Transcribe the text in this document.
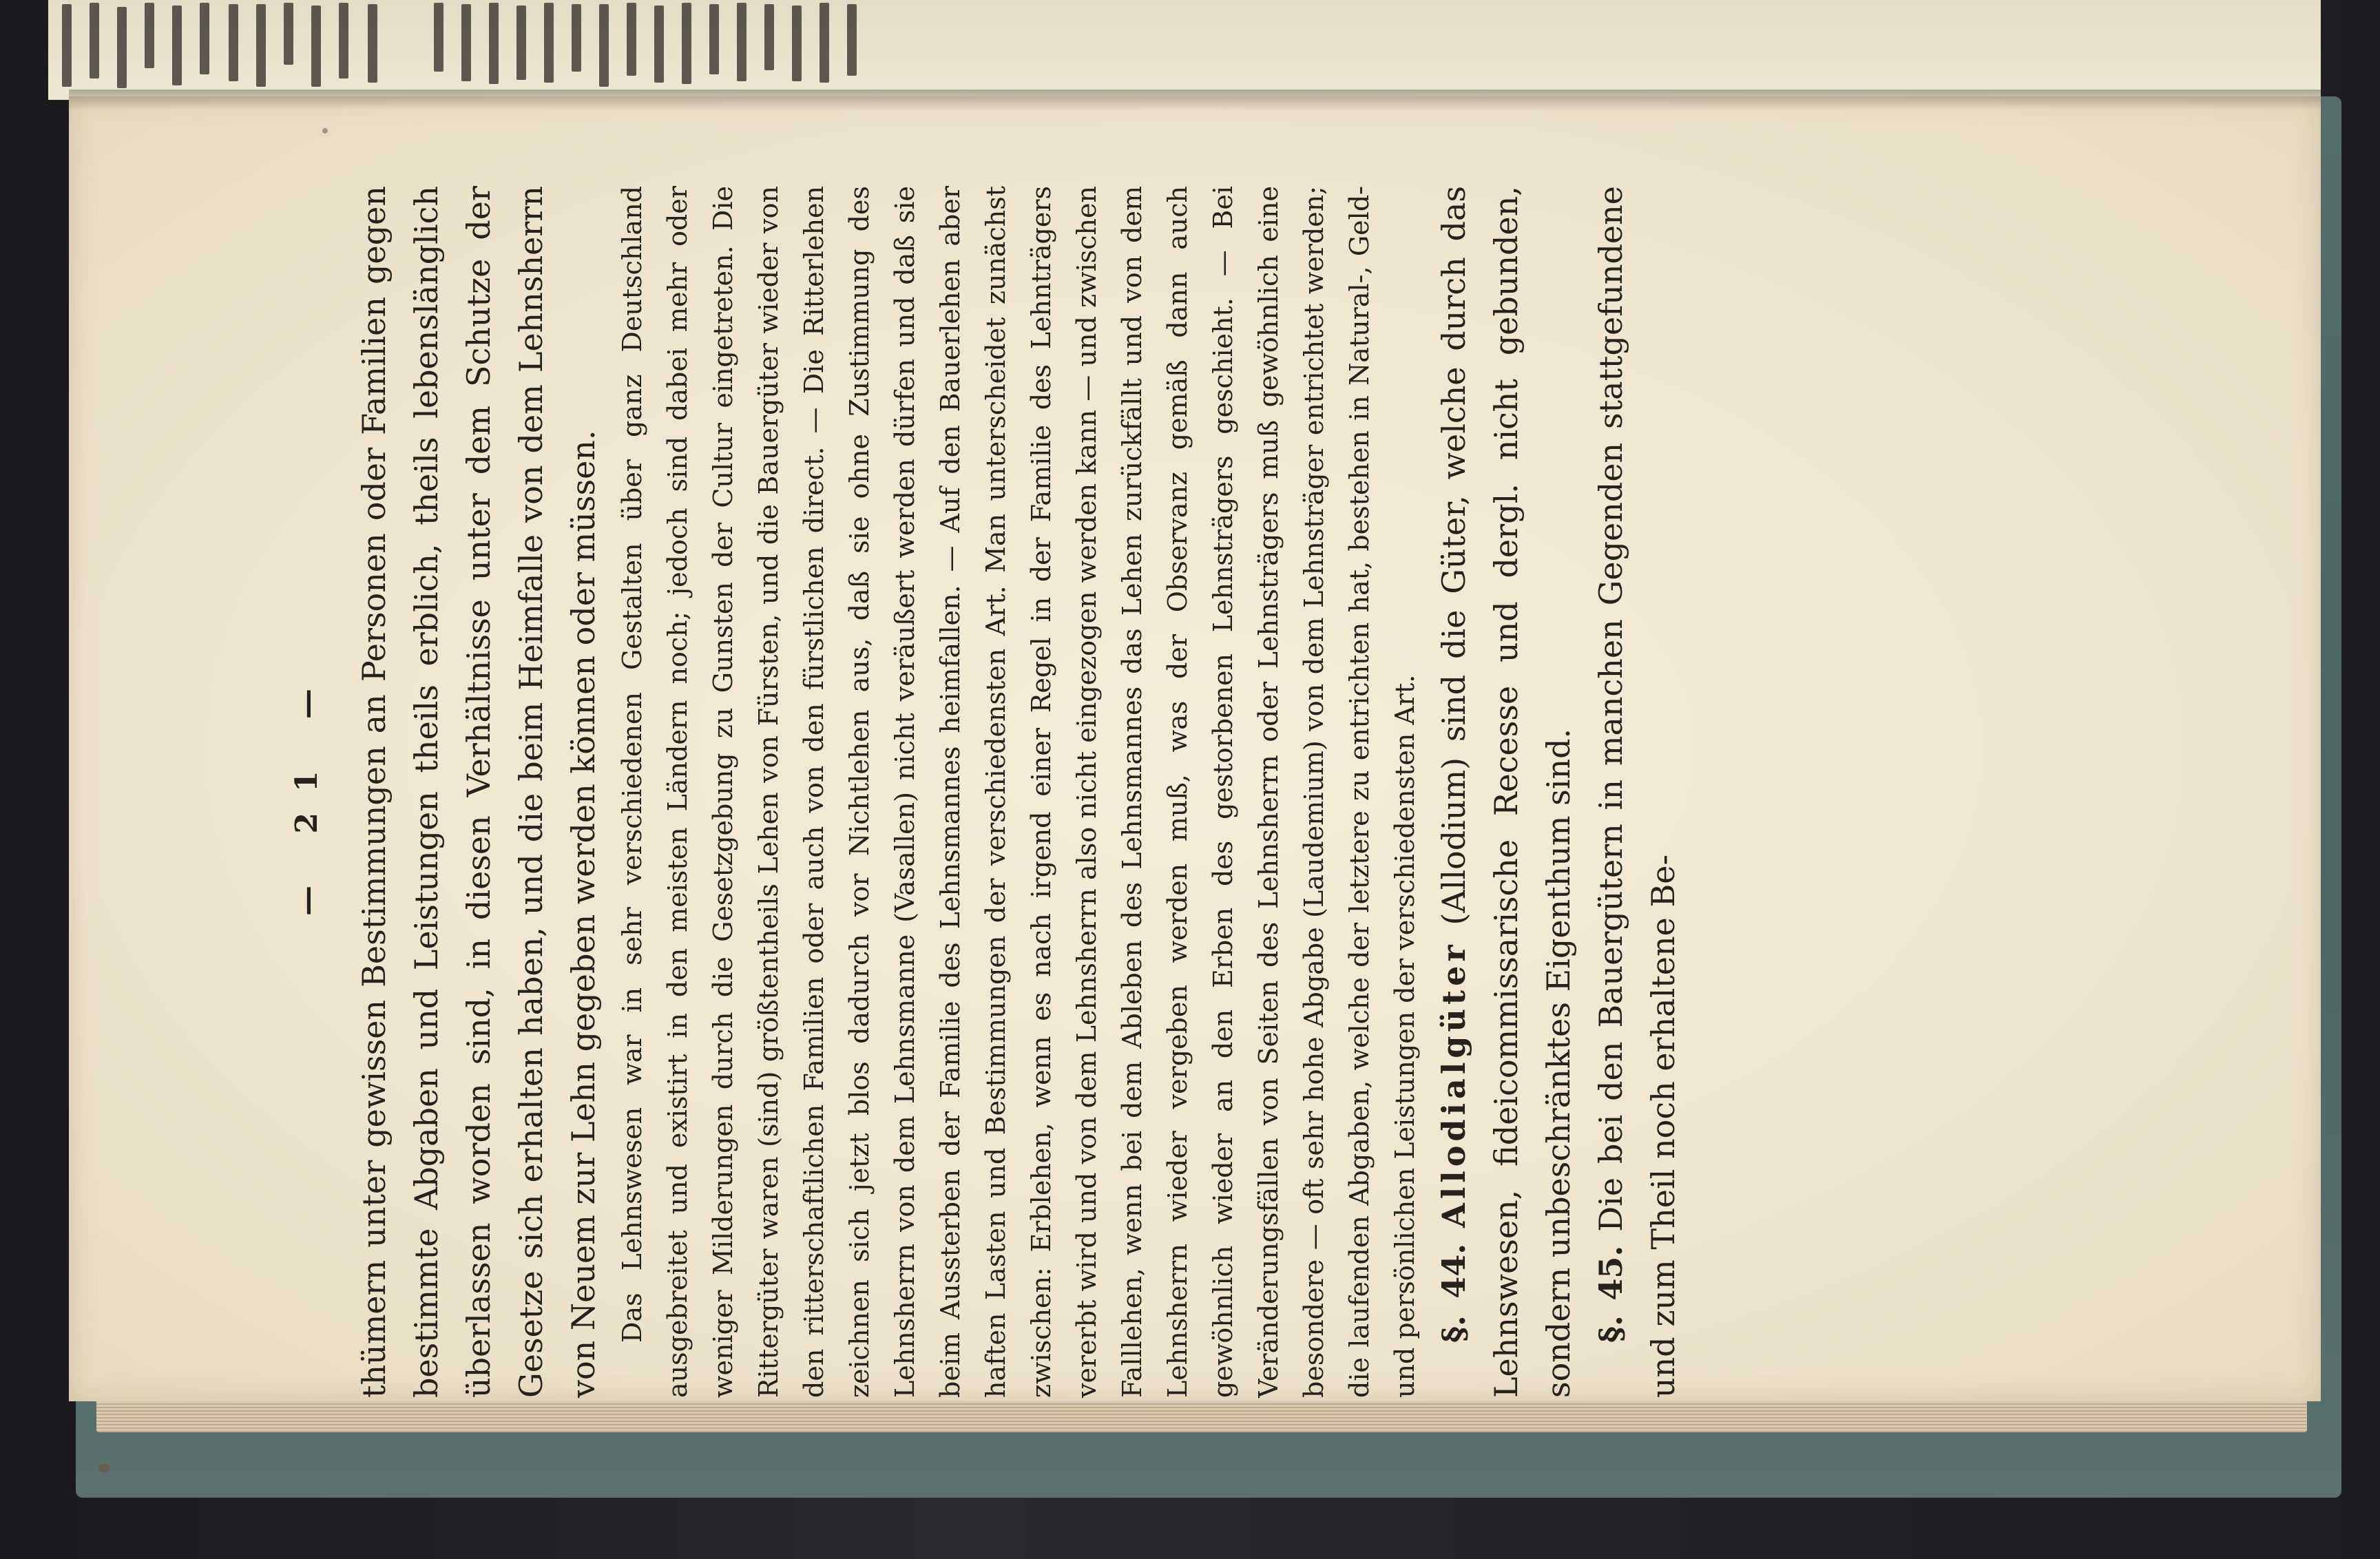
— 21 — thümern unter gewissen Bestimmungen an Personen oder Familien gegen bestimmte Abgaben und Leistungen theils erblich, theils lebenslänglich überlassen worden sind, in diesen Verhältnisse unter dem Schutze der Gesetze sich erhalten haben, und die beim Heimfalle von dem Lehnsherrn von Neuem zur Lehn gegeben werden können oder müssen. Das Lehnswesen war in sehr verschiedenen Gestalten über ganz Deutschland ausgebreitet und existirt in den meisten Ländern noch; jedoch sind dabei mehr oder weniger Milderungen durch die Gesetzgebung zu Gunsten der Cultur eingetreten. Die Rittergüter waren (sind) größtentheils Lehen von Fürsten, und die Bauergüter wieder von den ritterschaftlichen Familien oder auch von den fürstlichen direct. — Die Ritterlehen zeichnen sich jetzt blos dadurch vor Nichtlehen aus, daß sie ohne Zustimmung des Lehnsherrn von dem Lehnsmanne (Vasallen) nicht veräußert werden dürfen und daß sie beim Aussterben der Familie des Lehnsmannes heimfallen. — Auf den Bauerlehen aber haften Lasten und Bestimmungen der verschiedensten Art. Man unterscheidet zunächst zwischen: Erblehen, wenn es nach irgend einer Regel in der Familie des Lehnträgers vererbt wird und von dem Lehnsherrn also nicht eingezogen werden kann — und zwischen Falllehen, wenn bei dem Ableben des Lehnsmannes das Lehen zurückfällt und von dem Lehnsherrn wieder vergeben werden muß, was der Observanz gemäß dann auch gewöhnlich wieder an den Erben des gestorbenen Lehnsträgers geschieht. — Bei Veränderungsfällen von Seiten des Lehnsherrn oder Lehnsträgers muß gewöhnlich eine besondere — oft sehr hohe Abgabe (Laudemium) von dem Lehnsträger entrichtet werden; die laufenden Abgaben, welche der letztere zu entrichten hat, bestehen in Natural-, Geld- und persönlichen Leistungen der verschiedensten Art. §. 44. Allodialgüter (Allodium) sind die Güter, welche durch das Lehnswesen, fideicommissarische Recesse und dergl. nicht gebunden, sondern unbeschränktes Eigenthum sind. §. 45. Die bei den Bauergütern in manchen Gegenden stattgefundene und zum Theil noch erhaltene Be-
